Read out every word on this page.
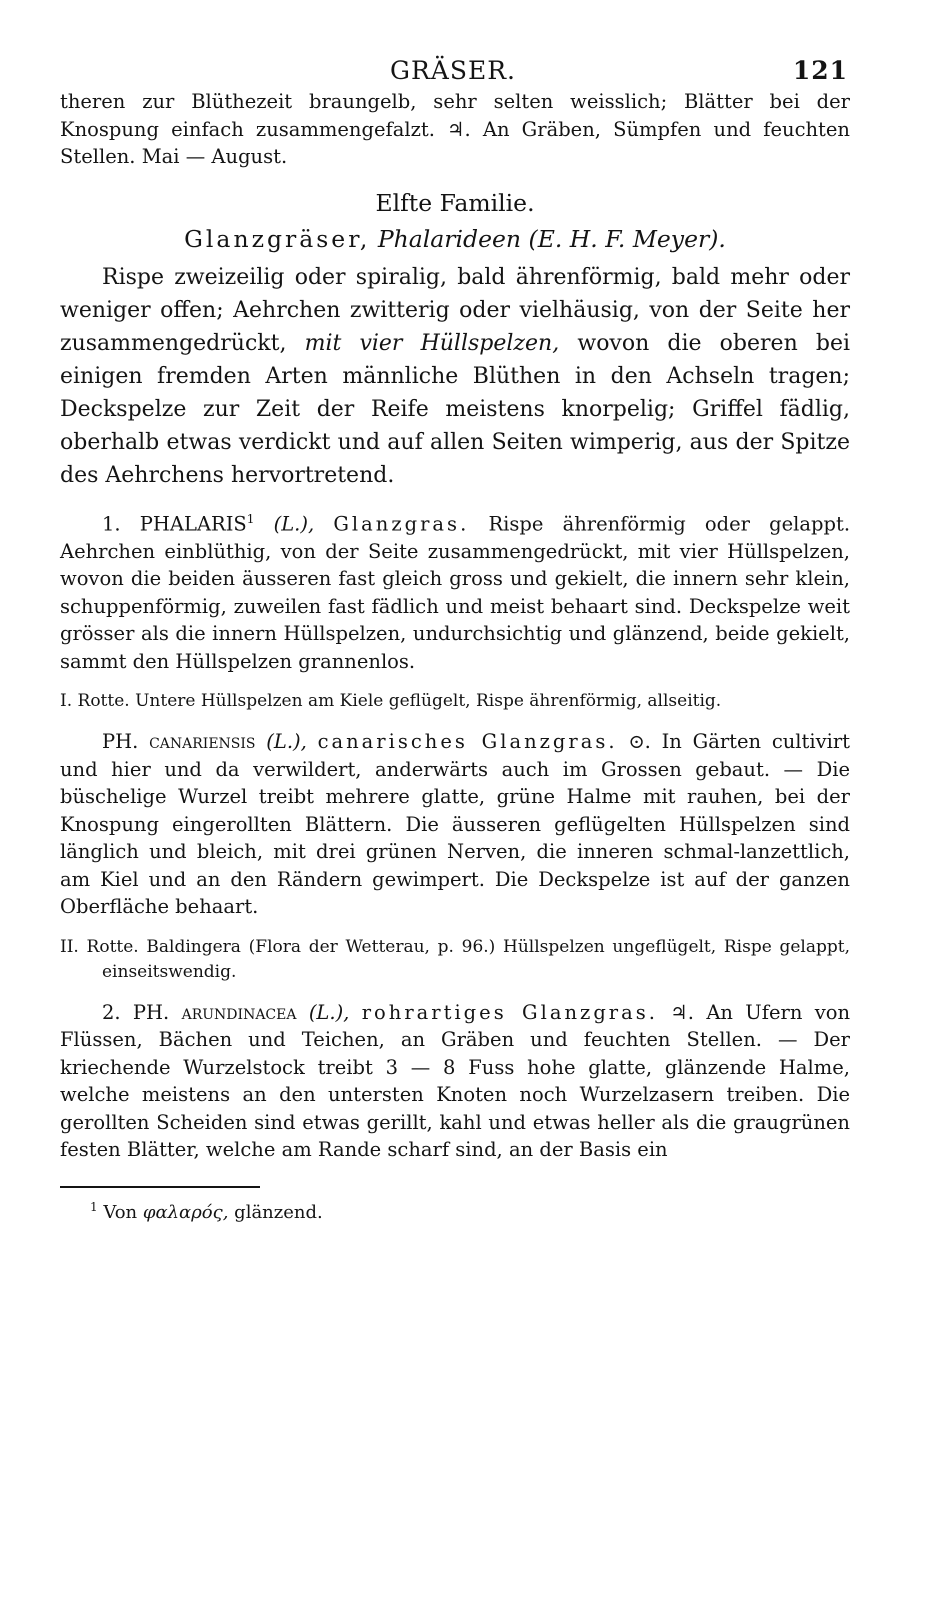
GRÄSER.	121

theren zur Blüthezeit braungelb, sehr selten weisslich; Blätter bei der Knospung einfach zusammengefalzt. ♃. An Gräben, Sümpfen und feuchten Stellen. Mai — August.

Elfte Familie.

Glanzgräser, Phalarideen (E. H. F. Meyer).

Rispe zweizeilig oder spiralig, bald ährenförmig, bald mehr oder weniger offen; Aehrchen zwitterig oder vielhäusig, von der Seite her zusammengedrückt, mit vier Hüllspelzen, wovon die oberen bei einigen fremden Arten männliche Blüthen in den Achseln tragen; Deckspelze zur Zeit der Reife meistens knorpelig; Griffel fädlig, oberhalb etwas verdickt und auf allen Seiten wimperig, aus der Spitze des Aehrchens hervortretend.

1. PHALARIS$^1$ (L.), Glanzgras. Rispe ährenförmig oder gelappt. Aehrchen einblüthig, von der Seite zusammengedrückt, mit vier Hüllspelzen, wovon die beiden äusseren fast gleich gross und gekielt, die innern sehr klein, schuppenförmig, zuweilen fast fädlich und meist behaart sind. Deckspelze weit grösser als die innern Hüllspelzen, undurchsichtig und glänzend, beide gekielt, sammt den Hüllspelzen grannenlos.

I. Rotte. Untere Hüllspelzen am Kiele geflügelt, Rispe ährenförmig, allseitig.

PH. canariensis (L.), canarisches Glanzgras. ⊙. In Gärten cultivirt und hier und da verwildert, anderwärts auch im Grossen gebaut. — Die büschelige Wurzel treibt mehrere glatte, grüne Halme mit rauhen, bei der Knospung eingerollten Blättern. Die äusseren geflügelten Hüllspelzen sind länglich und bleich, mit drei grünen Nerven, die inneren schmal-lanzettlich, am Kiel und an den Rändern gewimpert. Die Deckspelze ist auf der ganzen Oberfläche behaart.

II. Rotte. Baldingera (Flora der Wetterau, p. 96.) Hüllspelzen ungeflügelt, Rispe gelappt, einseitswendig.

2. PH. arundinacea (L.), rohrartiges Glanzgras. ♃. An Ufern von Flüssen, Bächen und Teichen, an Gräben und feuchten Stellen. — Der kriechende Wurzelstock treibt 3 — 8 Fuss hohe glatte, glänzende Halme, welche meistens an den untersten Knoten noch Wurzelzasern treiben. Die gerollten Scheiden sind etwas gerillt, kahl und etwas heller als die graugrünen festen Blätter, welche am Rande scharf sind, an der Basis ein

$^1$ Von φαλαρός, glänzend.
